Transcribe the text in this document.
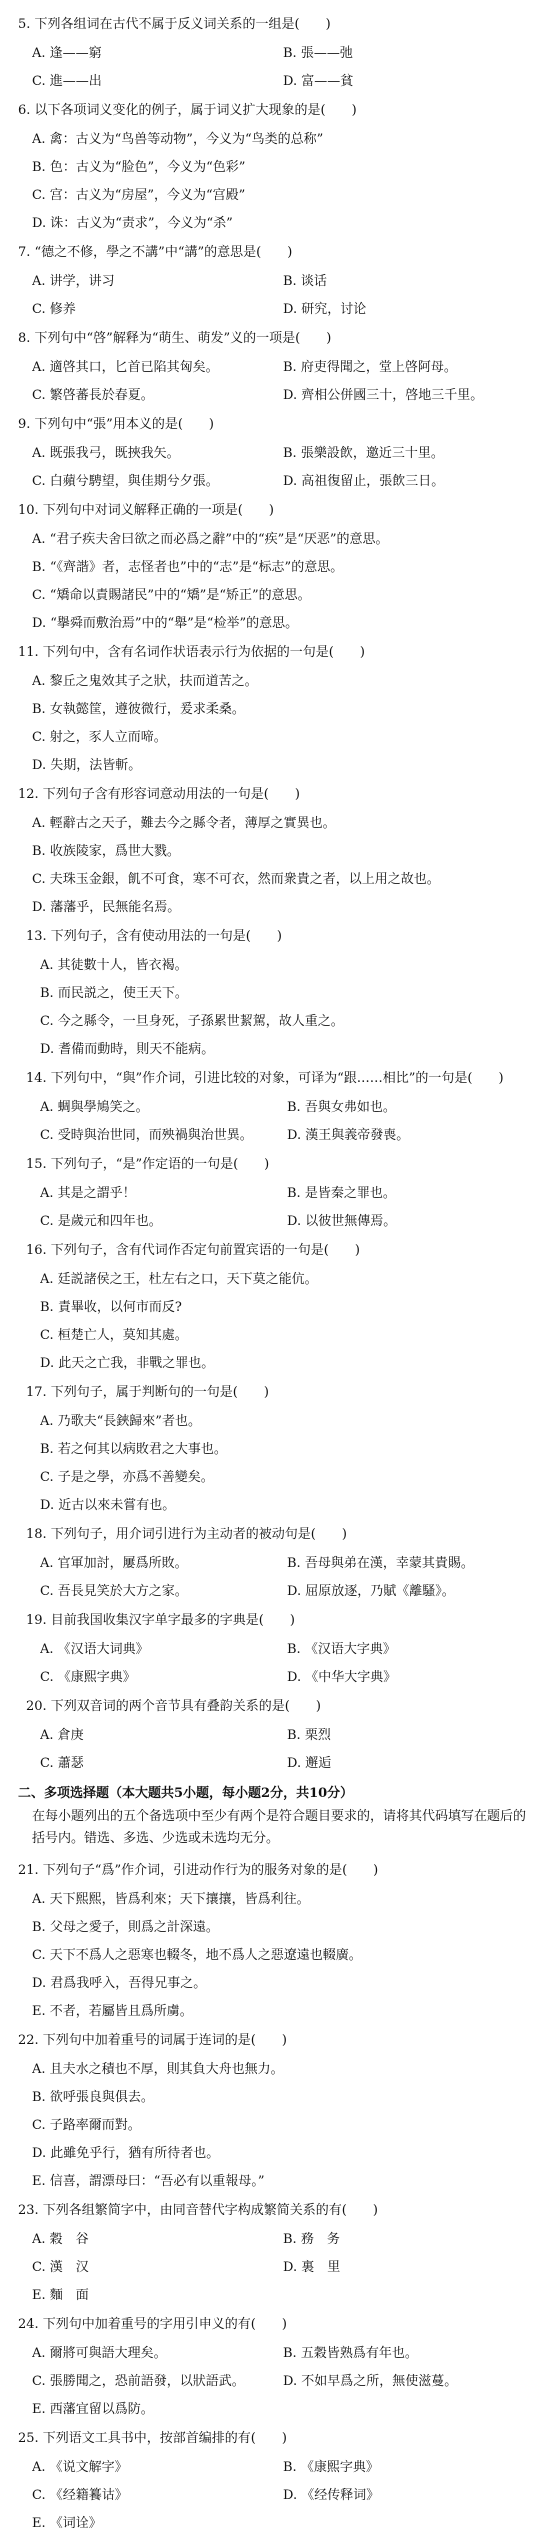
5. 下列各组词在古代不属于反义词关系的一组是(　　)
A. 逢——窮	B. 張——弛
C. 進——出	D. 富——貧
6. 以下各项词义变化的例子，属于词义扩大现象的是(　　)
A. 禽：古义为“鸟兽等动物”，今义为“鸟类的总称”
B. 色：古义为“脸色”，今义为“色彩”
C. 宫：古义为“房屋”，今义为“宫殿”
D. 诛：古义为“责求”，今义为“杀”
7. “德之不修，學之不講”中“講”的意思是(　　)
A. 讲学，讲习	B. 谈话
C. 修养	D. 研究，讨论
8. 下列句中“啓”解释为“萌生、萌发”义的一项是(　　)
A. 適啓其口，匕首已陷其匈矣。	B. 府吏得聞之，堂上啓阿母。
C. 繁啓蕃長於春夏。	D. 齊相公併國三十，啓地三千里。
9. 下列句中“張”用本义的是(　　)
A. 既張我弓，既挾我矢。	B. 張樂設飲，邀近三十里。
C. 白蘋兮騁望，與佳期兮夕張。	D. 高祖復留止，張飲三日。
10. 下列句中对词义解释正确的一项是(　　)
A. “君子疾夫舍曰欲之而必爲之辭”中的“疾”是“厌恶”的意思。
B. “《齊諧》者，志怪者也”中的“志”是“标志”的意思。
C. “矯命以責賜諸民”中的“矯”是“矫正”的意思。
D. “擧舜而敷治焉”中的“舉”是“检举”的意思。
11. 下列句中，含有名词作状语表示行为依据的一句是(　　)
A. 黎丘之鬼效其子之狀，扶而道苦之。
B. 女執懿筐，遵彼微行，爰求柔桑。
C. 射之，豕人立而啼。
D. 失期，法皆斬。
12. 下列句子含有形容词意动用法的一句是(　　)
A. 輕辭古之天子，難去今之縣令者，薄厚之實異也。
B. 收族陵家，爲世大戮。
C. 夫珠玉金銀，飢不可食，寒不可衣，然而衆貴之者，以上用之故也。
D. 藩藩乎，民無能名焉。
13. 下列句子，含有使动用法的一句是(　　)
A. 其徒數十人，皆衣褐。
B. 而民説之，使王天下。
C. 今之縣令，一旦身死，子孫累世絜駕，故人重之。
D. 耆備而動時，則天不能病。
14. 下列句中，“與”作介词，引进比较的对象，可译为“跟……相比”的一句是(　　)
A. 蜩與學鳩笑之。	B. 吾與女弗如也。
C. 受時與治世同，而殃禍與治世異。	D. 漢王與義帝發喪。
15. 下列句子，“是”作定语的一句是(　　)
A. 其是之謂乎！	B. 是皆秦之罪也。
C. 是歲元和四年也。	D. 以彼世無傳焉。
16. 下列句子，含有代词作否定句前置宾语的一句是(　　)
A. 廷説諸侯之王，杜左右之口，天下莫之能伉。
B. 責畢收，以何市而反?
C. 桓楚亡人，莫知其處。
D. 此天之亡我，非戰之罪也。
17. 下列句子，属于判断句的一句是(　　)
A. 乃歌夫“長鋏歸來”者也。
B. 若之何其以病敗君之大事也。
C. 子是之學，亦爲不善變矣。
D. 近古以來未嘗有也。
18. 下列句子，用介词引进行为主动者的被动句是(　　)
A. 官軍加討，屢爲所敗。	B. 吾母與弟在漢，幸蒙其貴賜。
C. 吾長見笑於大方之家。	D. 屈原放逐，乃賦《離騷》。
19. 目前我国收集汉字单字最多的字典是(　　)
A. 《汉语大词典》	B. 《汉语大字典》
C. 《康熙字典》	D. 《中华大字典》
20. 下列双音词的两个音节具有叠韵关系的是(　　)
A. 倉庚	B. 栗烈
C. 蕭瑟	D. 邂逅
二、多项选择题（本大题共5小题，每小题2分，共10分）
在每小题列出的五个备选项中至少有两个是符合题目要求的，请将其代码填写在题后的括号内。错选、多选、少选或未选均无分。
21. 下列句子“爲”作介词，引进动作行为的服务对象的是(　　)
A. 天下熙熙，皆爲利來；天下攘攘，皆爲利往。
B. 父母之愛子，則爲之計深遠。
C. 天下不爲人之惡寒也輟冬，地不爲人之惡遼遠也輟廣。
D. 君爲我呼入，吾得兄事之。
E. 不者，若屬皆且爲所虜。
22. 下列句中加着重号的词属于连词的是(　　)
A. 且夫水之積也不厚，則其負大舟也無力。
B. 欲呼張良與俱去。
C. 子路率爾而對。
D. 此雖免乎行，猶有所待者也。
E. 信喜，謂漂母曰：“吾必有以重報母。”
23. 下列各组繁简字中，由同音替代字构成繁简关系的有(　　)
A. 穀　谷	B. 務　务
C. 漢　汉	D. 裏　里
E. 麵　面
24. 下列句中加着重号的字用引申义的有(　　)
A. 爾將可與語大理矣。	B. 五穀皆熟爲有年也。
C. 張勝聞之，恐前語發，以狀語武。	D. 不如早爲之所，無使滋蔓。
E. 西藩宜留以爲防。
25. 下列语文工具书中，按部首编排的有(　　)
A. 《说文解字》	B. 《康熙字典》
C. 《经籍籑诂》	D. 《经传释词》
E. 《词诠》
